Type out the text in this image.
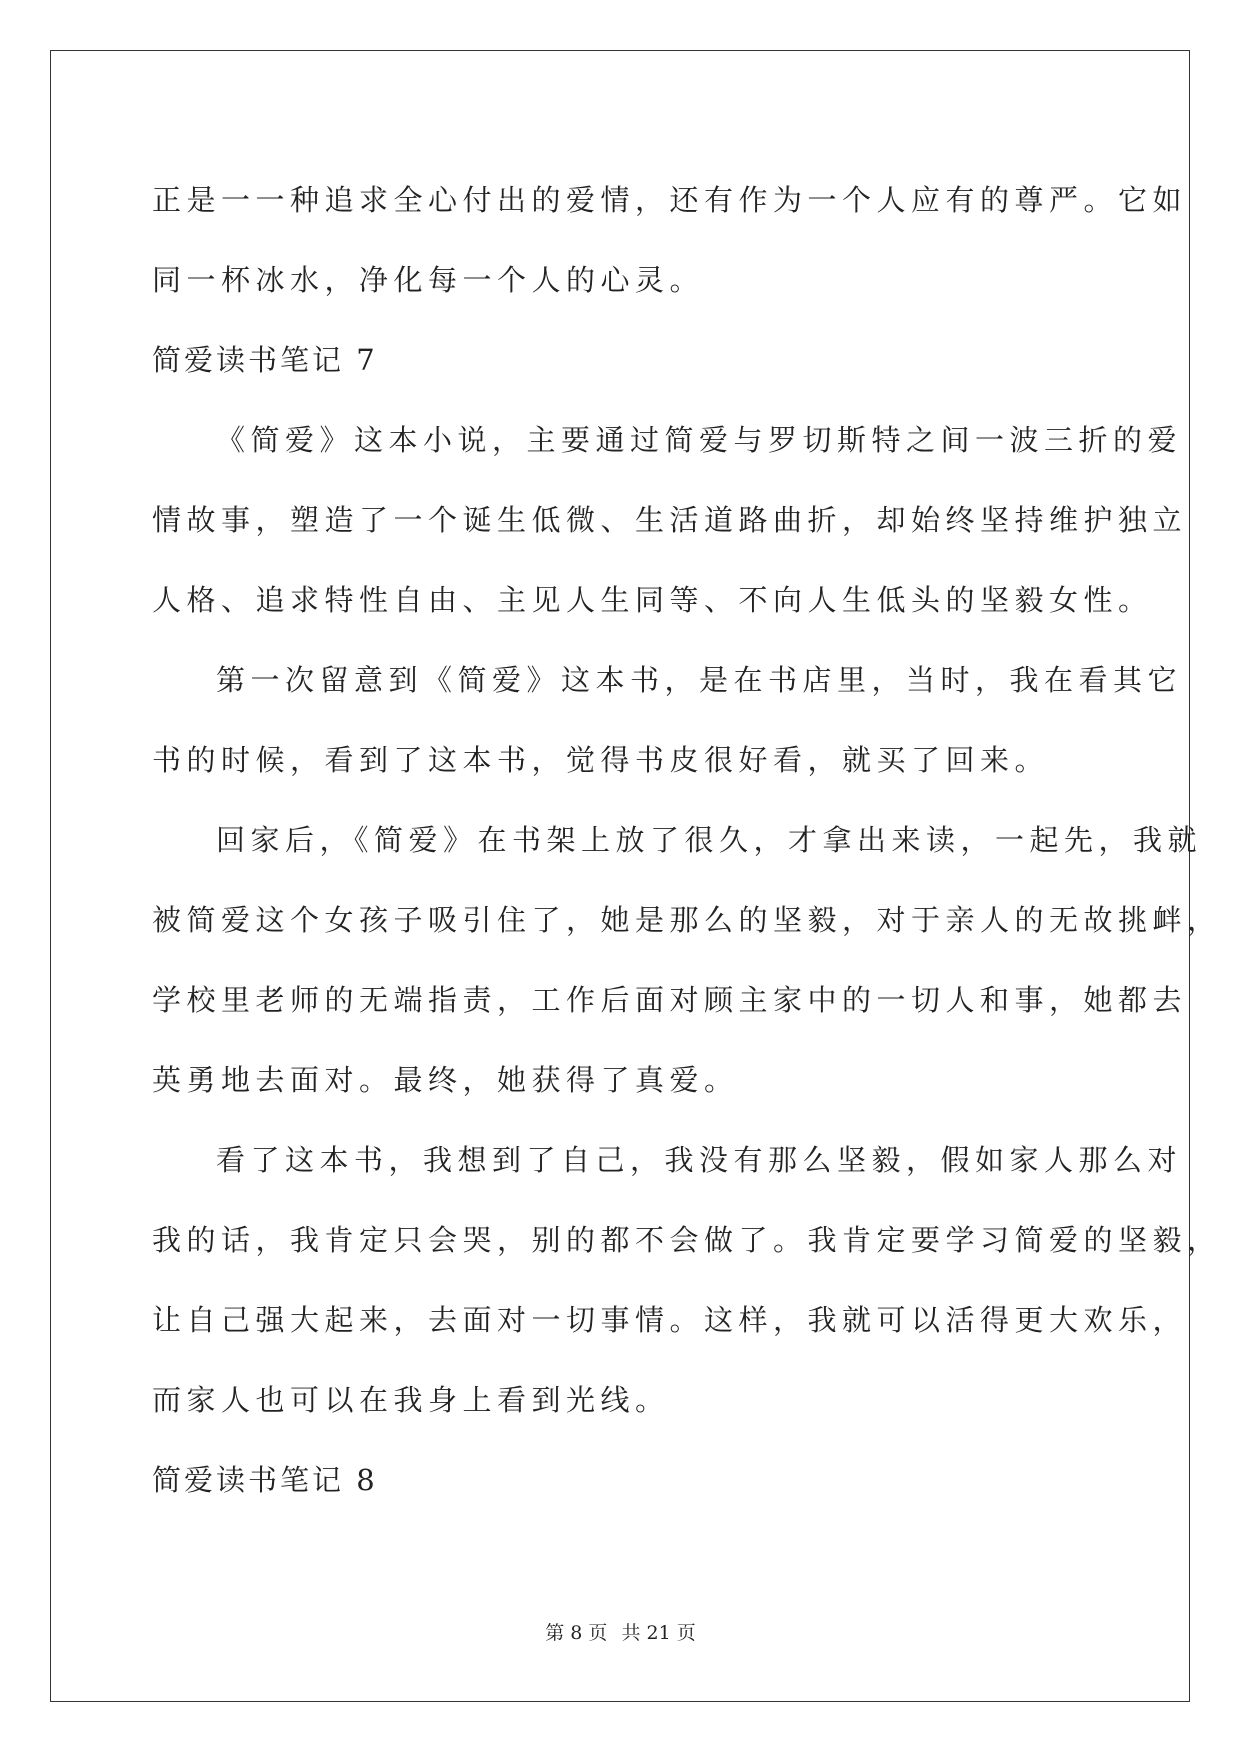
正是一一种追求全心付出的爱情，还有作为一个人应有的尊严。它如

同一杯冰水，净化每一个人的心灵。

简爱读书笔记 7

《简爱》这本小说，主要通过简爱与罗切斯特之间一波三折的爱

情故事，塑造了一个诞生低微、生活道路曲折，却始终坚持维护独立

人格、追求特性自由、主见人生同等、不向人生低头的坚毅女性。

第一次留意到《简爱》这本书，是在书店里，当时，我在看其它

书的时候，看到了这本书，觉得书皮很好看，就买了回来。

回家后，《简爱》在书架上放了很久，才拿出来读，一起先，我就

被简爱这个女孩子吸引住了，她是那么的坚毅，对于亲人的无故挑衅，

学校里老师的无端指责，工作后面对顾主家中的一切人和事，她都去

英勇地去面对。最终，她获得了真爱。

看了这本书，我想到了自己，我没有那么坚毅，假如家人那么对

我的话，我肯定只会哭，别的都不会做了。我肯定要学习简爱的坚毅，

让自己强大起来，去面对一切事情。这样，我就可以活得更大欢乐，

而家人也可以在我身上看到光线。

简爱读书笔记 8

第 8 页 共 21 页
